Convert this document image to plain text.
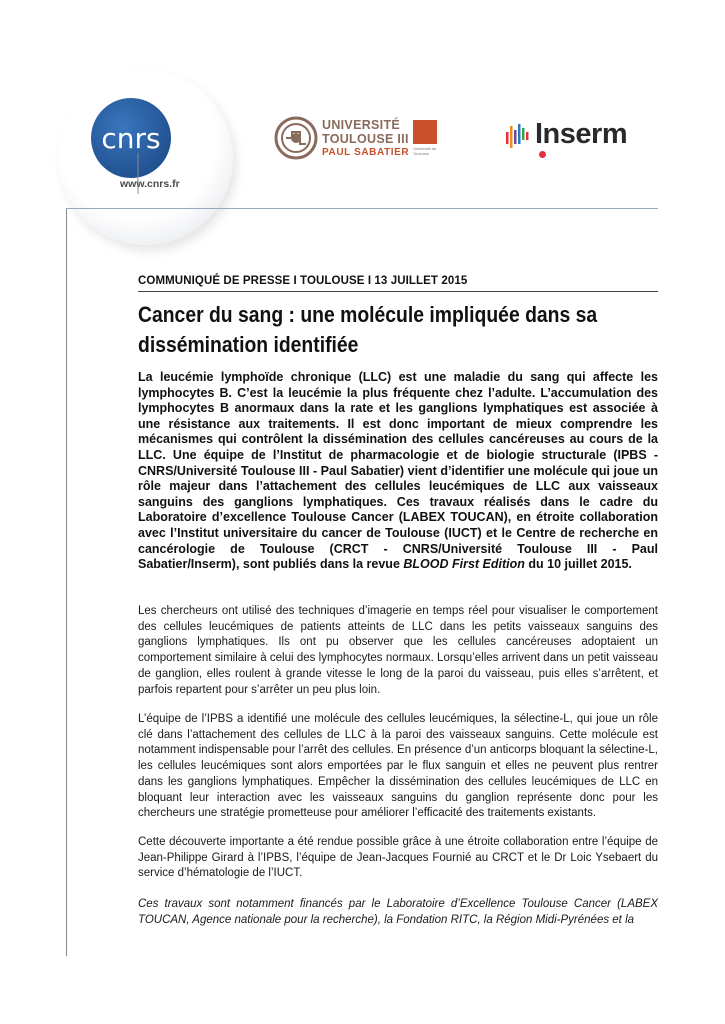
cnrs
www.cnrs.fr
UNIVERSITÉ
TOULOUSE III
PAUL SABATIER Université de Toulouse
Inserm
COMMUNIQUÉ DE PRESSE I TOULOUSE I 13 JUILLET 2015
Cancer du sang : une molécule impliquée dans sa dissémination identifiée

La leucémie lymphoïde chronique (LLC) est une maladie du sang qui affecte les lymphocytes B. C’est la leucémie la plus fréquente chez l’adulte. L’accumulation des lymphocytes B anormaux dans la rate et les ganglions lymphatiques est associée à une résistance aux traitements. Il est donc important de mieux comprendre les mécanismes qui contrôlent la dissémination des cellules cancéreuses au cours de la LLC. Une équipe de l’Institut de pharmacologie et de biologie structurale (IPBS - CNRS/Université Toulouse III - Paul Sabatier) vient d’identifier une molécule qui joue un rôle majeur dans l’attachement des cellules leucémiques de LLC aux vaisseaux sanguins des ganglions lymphatiques. Ces travaux réalisés dans le cadre du Laboratoire d’excellence Toulouse Cancer (LABEX TOUCAN), en étroite collaboration avec l’Institut universitaire du cancer de Toulouse (IUCT) et le Centre de recherche en cancérologie de Toulouse (CRCT - CNRS/Université Toulouse III - Paul Sabatier/Inserm), sont publiés dans la revue BLOOD First Edition du 10 juillet 2015.

Les chercheurs ont utilisé des techniques d’imagerie en temps réel pour visualiser le comportement des cellules leucémiques de patients atteints de LLC dans les petits vaisseaux sanguins des ganglions lymphatiques. Ils ont pu observer que les cellules cancéreuses adoptaient un comportement similaire à celui des lymphocytes normaux. Lorsqu’elles arrivent dans un petit vaisseau de ganglion, elles roulent à grande vitesse le long de la paroi du vaisseau, puis elles s’arrêtent, et parfois repartent pour s’arrêter un peu plus loin.

L’équipe de l’IPBS a identifié une molécule des cellules leucémiques, la sélectine-L, qui joue un rôle clé dans l’attachement des cellules de LLC à la paroi des vaisseaux sanguins. Cette molécule est notamment indispensable pour l’arrêt des cellules. En présence d’un anticorps bloquant la sélectine-L, les cellules leucémiques sont alors emportées par le flux sanguin et elles ne peuvent plus rentrer dans les ganglions lymphatiques. Empêcher la dissémination des cellules leucémiques de LLC en bloquant leur interaction avec les vaisseaux sanguins du ganglion représente donc pour les chercheurs une stratégie prometteuse pour améliorer l’efficacité des traitements existants.

Cette découverte importante a été rendue possible grâce à une étroite collaboration entre l’équipe de Jean-Philippe Girard à l’IPBS, l’équipe de Jean-Jacques Fournié au CRCT et le Dr Loic Ysebaert du service d’hématologie de l’IUCT.

Ces travaux sont notamment financés par le Laboratoire d’Excellence Toulouse Cancer (LABEX TOUCAN, Agence nationale pour la recherche), la Fondation RITC, la Région Midi-Pyrénées et la
